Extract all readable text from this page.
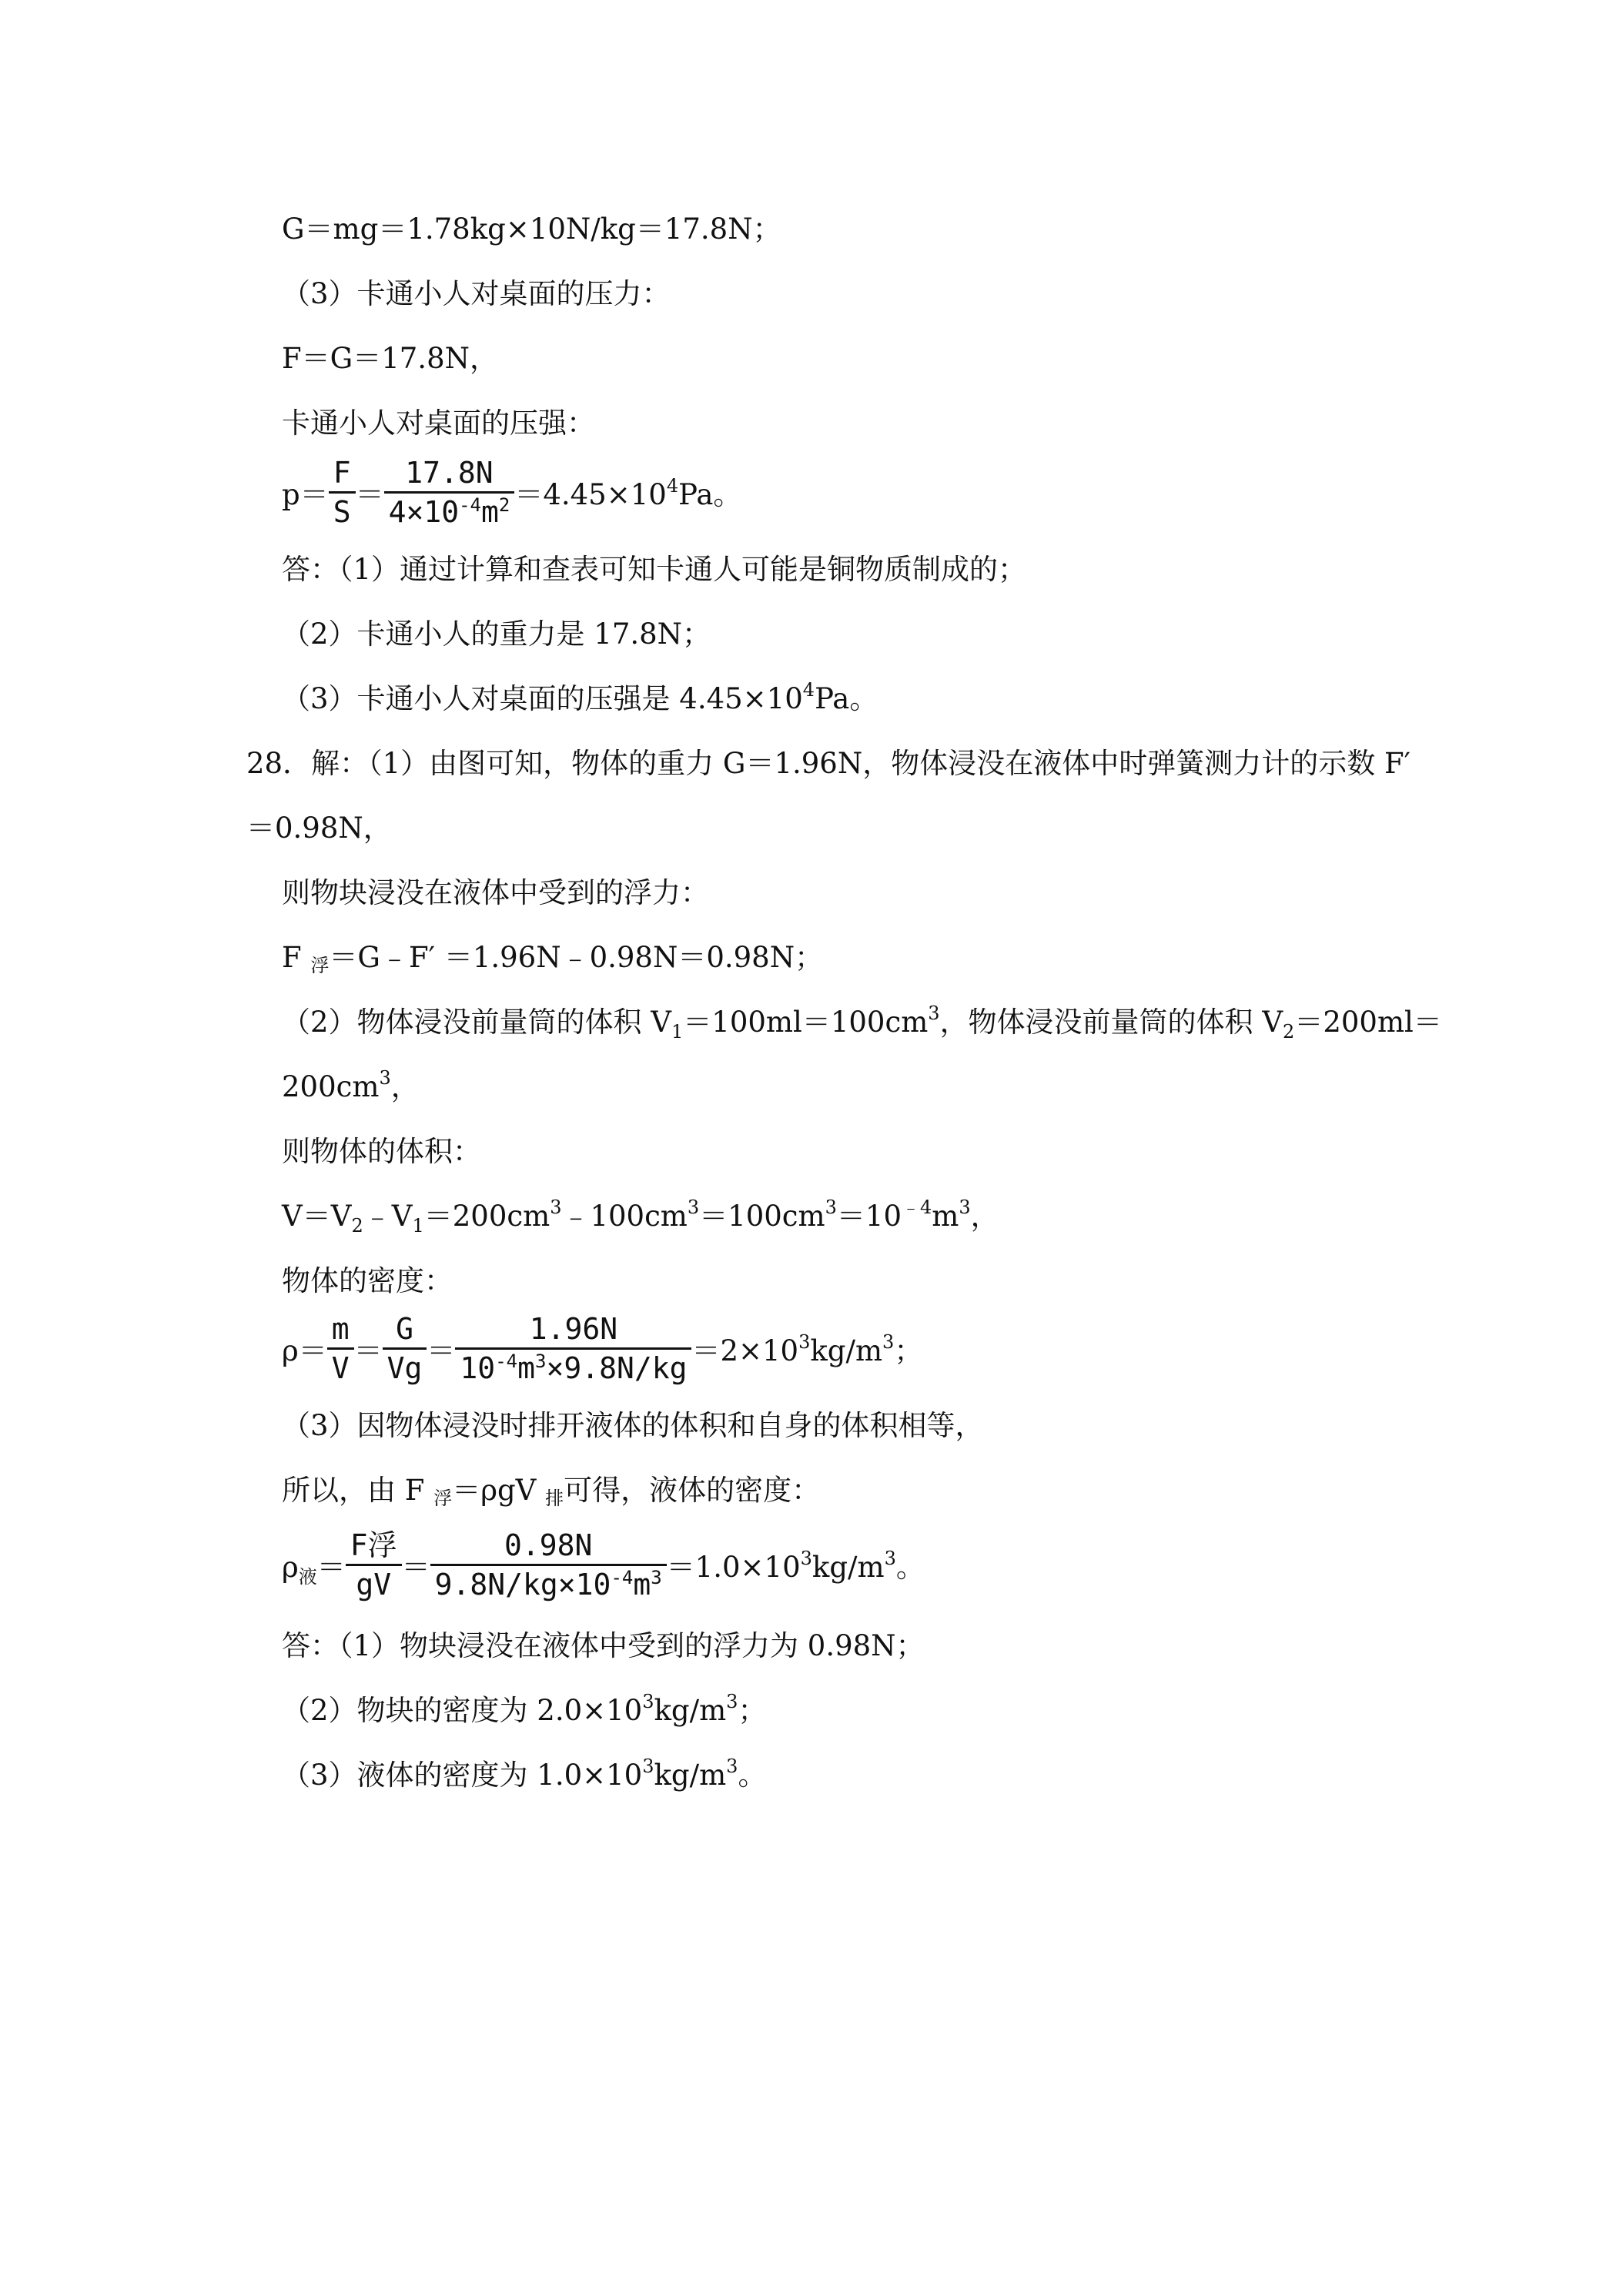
G＝mg＝1.78kg×10N/kg＝17.8N；
（3）卡通小人对桌面的压力：
F＝G＝17.8N，
卡通小人对桌面的压强：
$p= \frac{F}{S} = \frac{17.8N}{4\times 10^{-4}m^2} =4.45\times 10^4Pa$。
答：（1）通过计算和查表可知卡通人可能是铜物质制成的；
（2）卡通小人的重力是 17.8N；
（3）卡通小人对桌面的压强是 $4.45\times 10^4Pa$。
28．解：（1）由图可知，物体的重力 G＝1.96N，物体浸没在液体中时弹簧测力计的示数 F′
＝0.98N，
则物块浸没在液体中受到的浮力：
F 浮＝G﹣F′ ＝1.96N﹣0.98N＝0.98N；
（2）物体浸没前量筒的体积 $V_1=100ml=100cm^3$，物体浸没前量筒的体积 $V_2=200ml=$
$200cm^3$，
则物体的体积：
$V=V_2﹣V_1=200cm^3﹣100cm^3=100cm^3=10^{﹣4}m^3$，
物体的密度：
$\rho= \frac{m}{V} = \frac{G}{Vg} = \frac{1.96N}{10^{-4}m^3\times 9.8N/kg} =2\times 10^3kg/m^3$；
（3）因物体浸没时排开液体的体积和自身的体积相等，
所以，由 F 浮＝ρgV 排可得，液体的密度：
$\rho_液= \frac{\text{F浮}}{gV} = \frac{0.98N}{9.8N/kg\times 10^{-4}m^3} =1.0\times 10^3kg/m^3$。
答：（1）物块浸没在液体中受到的浮力为 0.98N；
（2）物块的密度为 $2.0\times 10^3kg/m^3$；
（3）液体的密度为 $1.0\times 10^3kg/m^3$。
